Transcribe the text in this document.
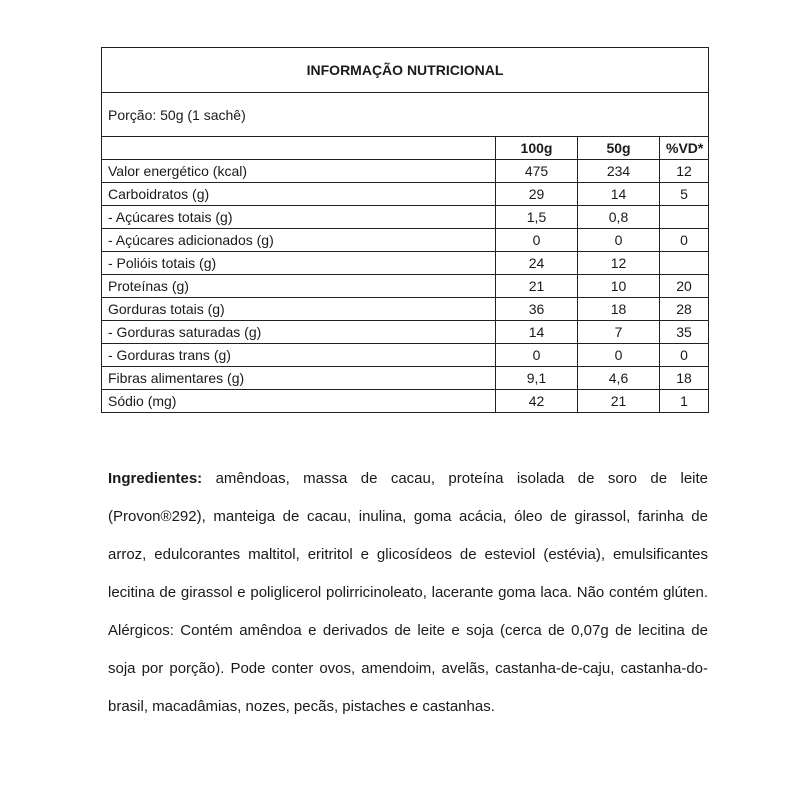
INFORMAÇÃO NUTRICIONAL			
Porção: 50g (1 sachê)			
	100g	50g	%VD*
Valor energético (kcal)	475	234	12
Carboidratos (g)	29	14	5
- Açúcares totais (g)	1,5	0,8	
- Açúcares adicionados (g)	0	0	0
- Polióis totais (g)	24	12	
Proteínas (g)	21	10	20
Gorduras totais (g)	36	18	28
- Gorduras saturadas (g)	14	7	35
- Gorduras trans (g)	0	0	0
Fibras alimentares (g)	9,1	4,6	18
Sódio (mg)	42	21	1

Ingredientes: amêndoas, massa de cacau, proteína isolada de soro de leite (Provon®292), manteiga de cacau, inulina, goma acácia, óleo de girassol, farinha de arroz, edulcorantes maltitol, eritritol e glicosídeos de esteviol (estévia), emulsificantes lecitina de girassol e poliglicerol polirricinoleato, lacerante goma laca. Não contém glúten. Alérgicos: Contém amêndoa e derivados de leite e soja (cerca de 0,07g de lecitina de soja por porção). Pode conter ovos, amendoim, avelãs, castanha-de-caju, castanha-do-brasil, macadâmias, nozes, pecãs, pistaches e castanhas.
